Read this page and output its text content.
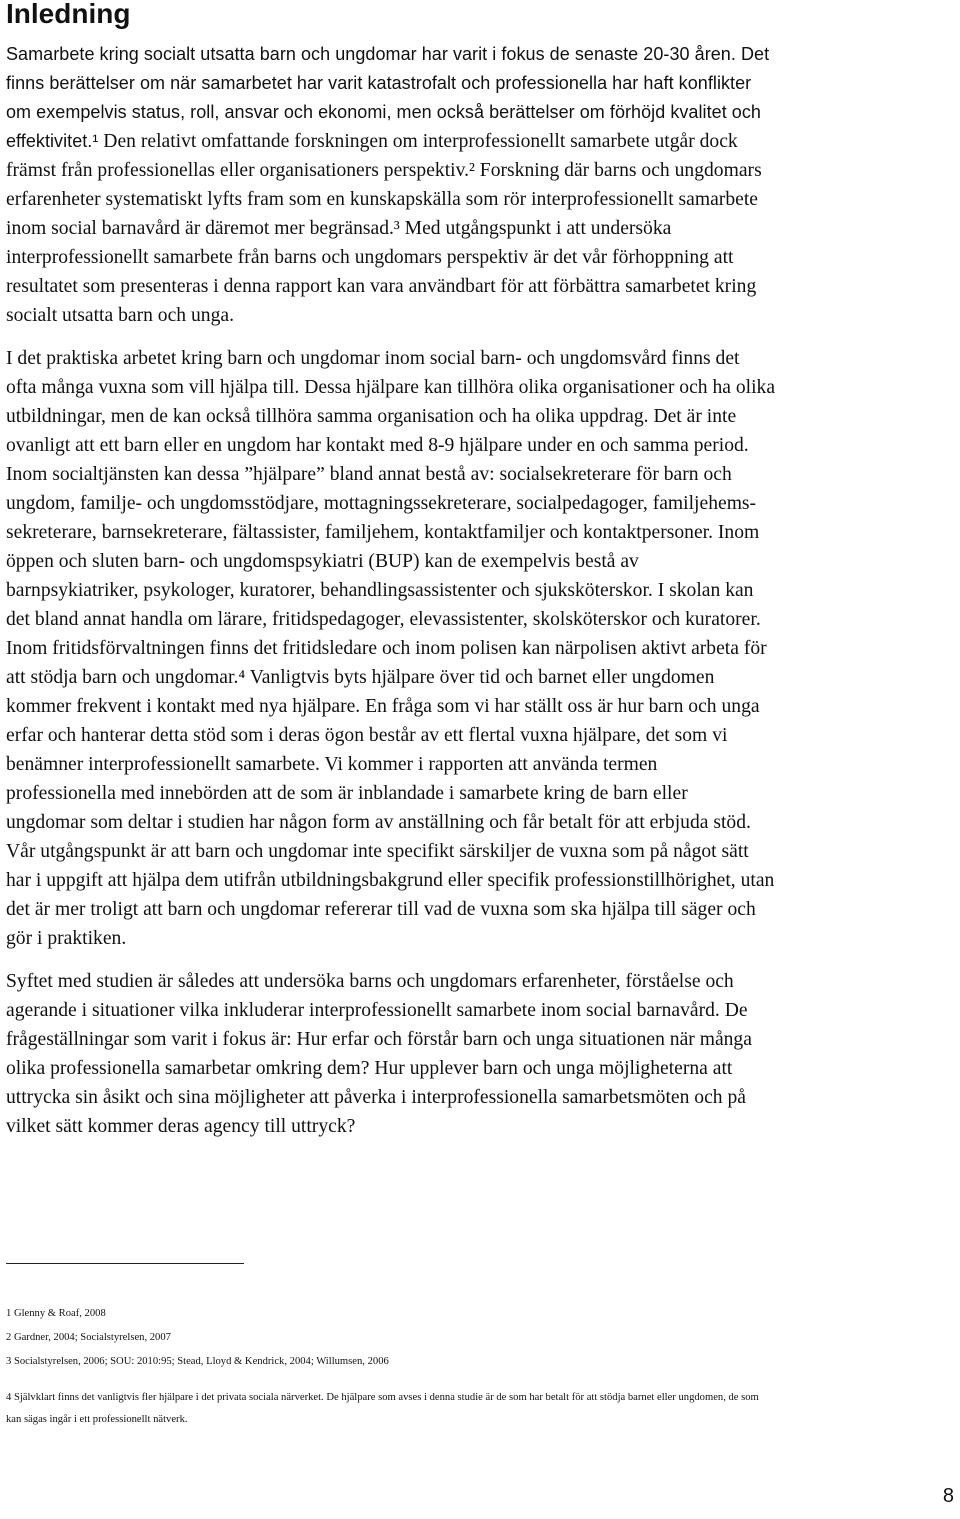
Inledning

Samarbete kring socialt utsatta barn och ungdomar har varit i fokus de senaste 20-30 åren. Det
finns berättelser om när samarbetet har varit katastrofalt och professionella har haft konflikter
om exempelvis status, roll, ansvar och ekonomi, men också berättelser om förhöjd kvalitet och
effektivitet.¹ Den relativt omfattande forskningen om interprofessionellt samarbete utgår dock
främst från professionellas eller organisationers perspektiv.² Forskning där barns och ungdomars
erfarenheter systematiskt lyfts fram som en kunskapskälla som rör interprofessionellt samarbete
inom social barnavård är däremot mer begränsad.³ Med utgångspunkt i att undersöka
interprofessionellt samarbete från barns och ungdomars perspektiv är det vår förhoppning att
resultatet som presenteras i denna rapport kan vara användbart för att förbättra samarbetet kring
socialt utsatta barn och unga.

I det praktiska arbetet kring barn och ungdomar inom social barn- och ungdomsvård finns det
ofta många vuxna som vill hjälpa till. Dessa hjälpare kan tillhöra olika organisationer och ha olika
utbildningar, men de kan också tillhöra samma organisation och ha olika uppdrag. Det är inte
ovanligt att ett barn eller en ungdom har kontakt med 8-9 hjälpare under en och samma period.
Inom socialtjänsten kan dessa ”hjälpare” bland annat bestå av: socialsekreterare för barn och
ungdom, familje- och ungdomsstödjare, mottagningssekreterare, socialpedagoger, familjehems-
sekreterare, barnsekreterare, fältassister, familjehem, kontaktfamiljer och kontaktpersoner. Inom
öppen och sluten barn- och ungdomspsykiatri (BUP) kan de exempelvis bestå av
barnpsykiatriker, psykologer, kuratorer, behandlingsassistenter och sjuksköterskor. I skolan kan
det bland annat handla om lärare, fritidspedagoger, elevassistenter, skolsköterskor och kuratorer.
Inom fritidsförvaltningen finns det fritidsledare och inom polisen kan närpolisen aktivt arbeta för
att stödja barn och ungdomar.⁴ Vanligtvis byts hjälpare över tid och barnet eller ungdomen
kommer frekvent i kontakt med nya hjälpare. En fråga som vi har ställt oss är hur barn och unga
erfar och hanterar detta stöd som i deras ögon består av ett flertal vuxna hjälpare, det som vi
benämner interprofessionellt samarbete. Vi kommer i rapporten att använda termen
professionella med innebörden att de som är inblandade i samarbete kring de barn eller
ungdomar som deltar i studien har någon form av anställning och får betalt för att erbjuda stöd.
Vår utgångspunkt är att barn och ungdomar inte specifikt särskiljer de vuxna som på något sätt
har i uppgift att hjälpa dem utifrån utbildningsbakgrund eller specifik professionstillhörighet, utan
det är mer troligt att barn och ungdomar refererar till vad de vuxna som ska hjälpa till säger och
gör i praktiken.

Syftet med studien är således att undersöka barns och ungdomars erfarenheter, förståelse och
agerande i situationer vilka inkluderar interprofessionellt samarbete inom social barnavård. De
frågeställningar som varit i fokus är: Hur erfar och förstår barn och unga situationen när många
olika professionella samarbetar omkring dem? Hur upplever barn och unga möjligheterna att
uttrycka sin åsikt och sina möjligheter att påverka i interprofessionella samarbetsmöten och på
vilket sätt kommer deras agency till uttryck?

1 Glenny & Roaf, 2008

2 Gardner, 2004; Socialstyrelsen, 2007

3 Socialstyrelsen, 2006; SOU: 2010:95; Stead, Lloyd & Kendrick, 2004; Willumsen, 2006

4 Självklart finns det vanligtvis fler hjälpare i det privata sociala närverket. De hjälpare som avses i denna studie är de som har betalt för att stödja barnet eller ungdomen, de som
kan sägas ingår i ett professionellt nätverk.

8
